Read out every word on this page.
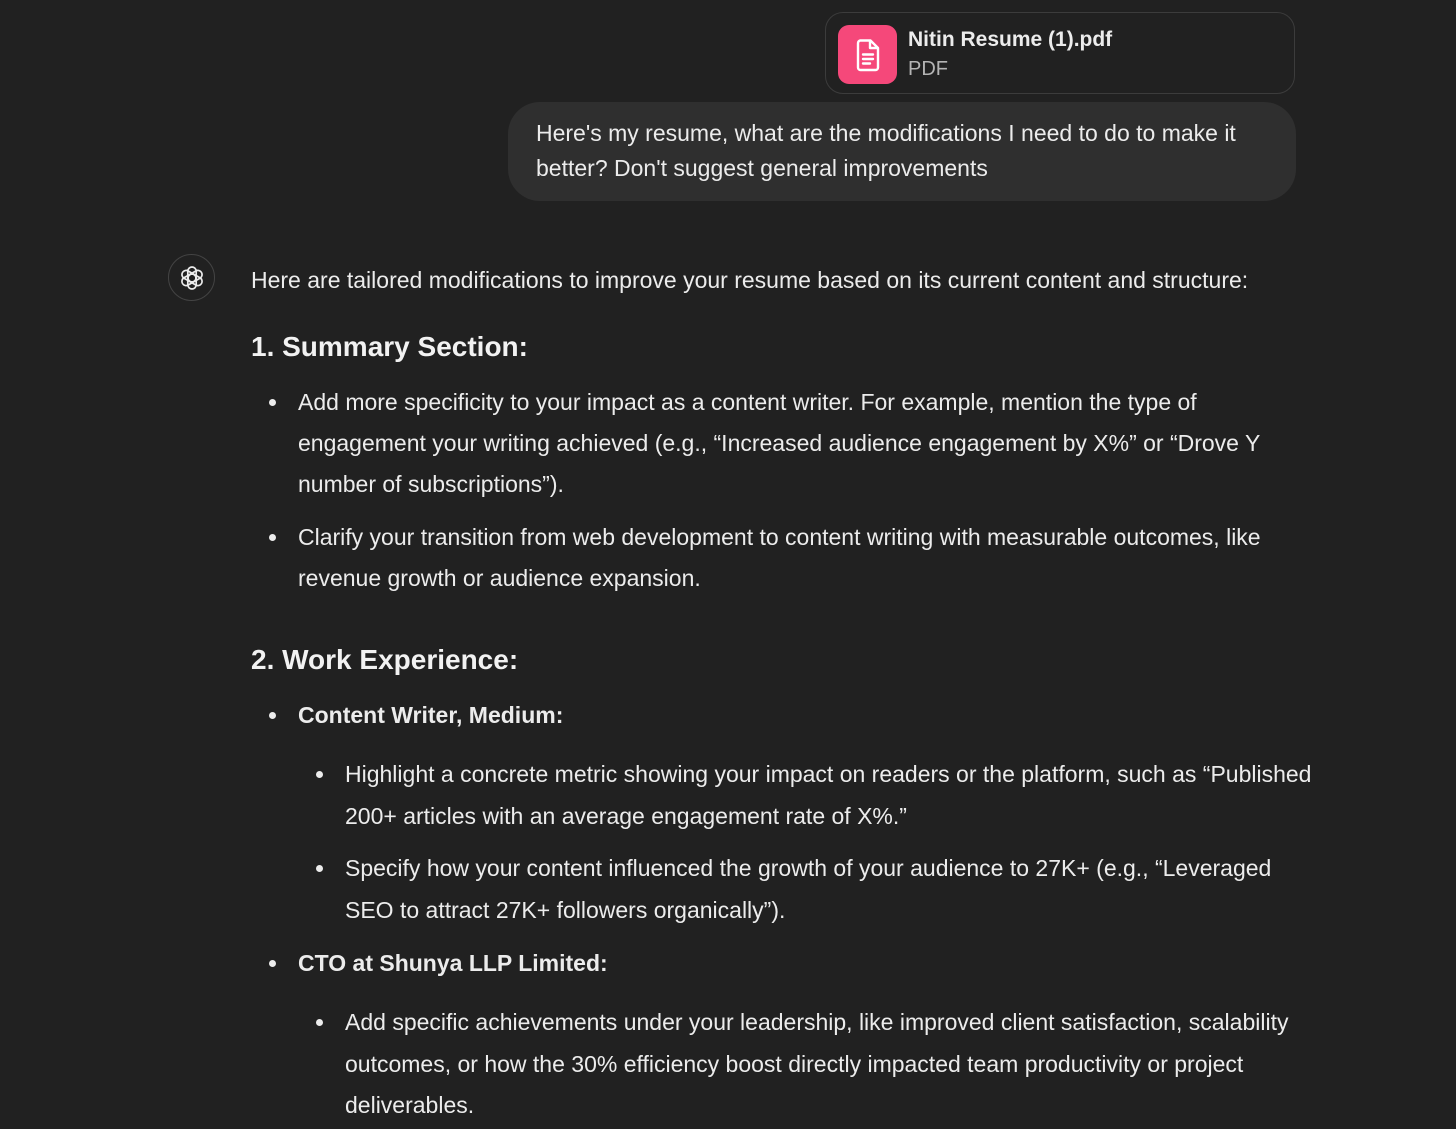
Nitin Resume (1).pdf
PDF
Here's my resume, what are the modifications I need to do to make it better? Don't suggest general improvements

Here are tailored modifications to improve your resume based on its current content and structure:

1. Summary Section:
Add more specificity to your impact as a content writer. For example, mention the type of engagement your writing achieved (e.g., “Increased audience engagement by X%” or “Drove Y number of subscriptions”).
Clarify your transition from web development to content writing with measurable outcomes, like revenue growth or audience expansion.
2. Work Experience:
Content Writer, Medium:
Highlight a concrete metric showing your impact on readers or the platform, such as “Published 200+ articles with an average engagement rate of X%.”
Specify how your content influenced the growth of your audience to 27K+ (e.g., “Leveraged SEO to attract 27K+ followers organically”).
CTO at Shunya LLP Limited:
Add specific achievements under your leadership, like improved client satisfaction, scalability outcomes, or how the 30% efficiency boost directly impacted team productivity or project deliverables.
